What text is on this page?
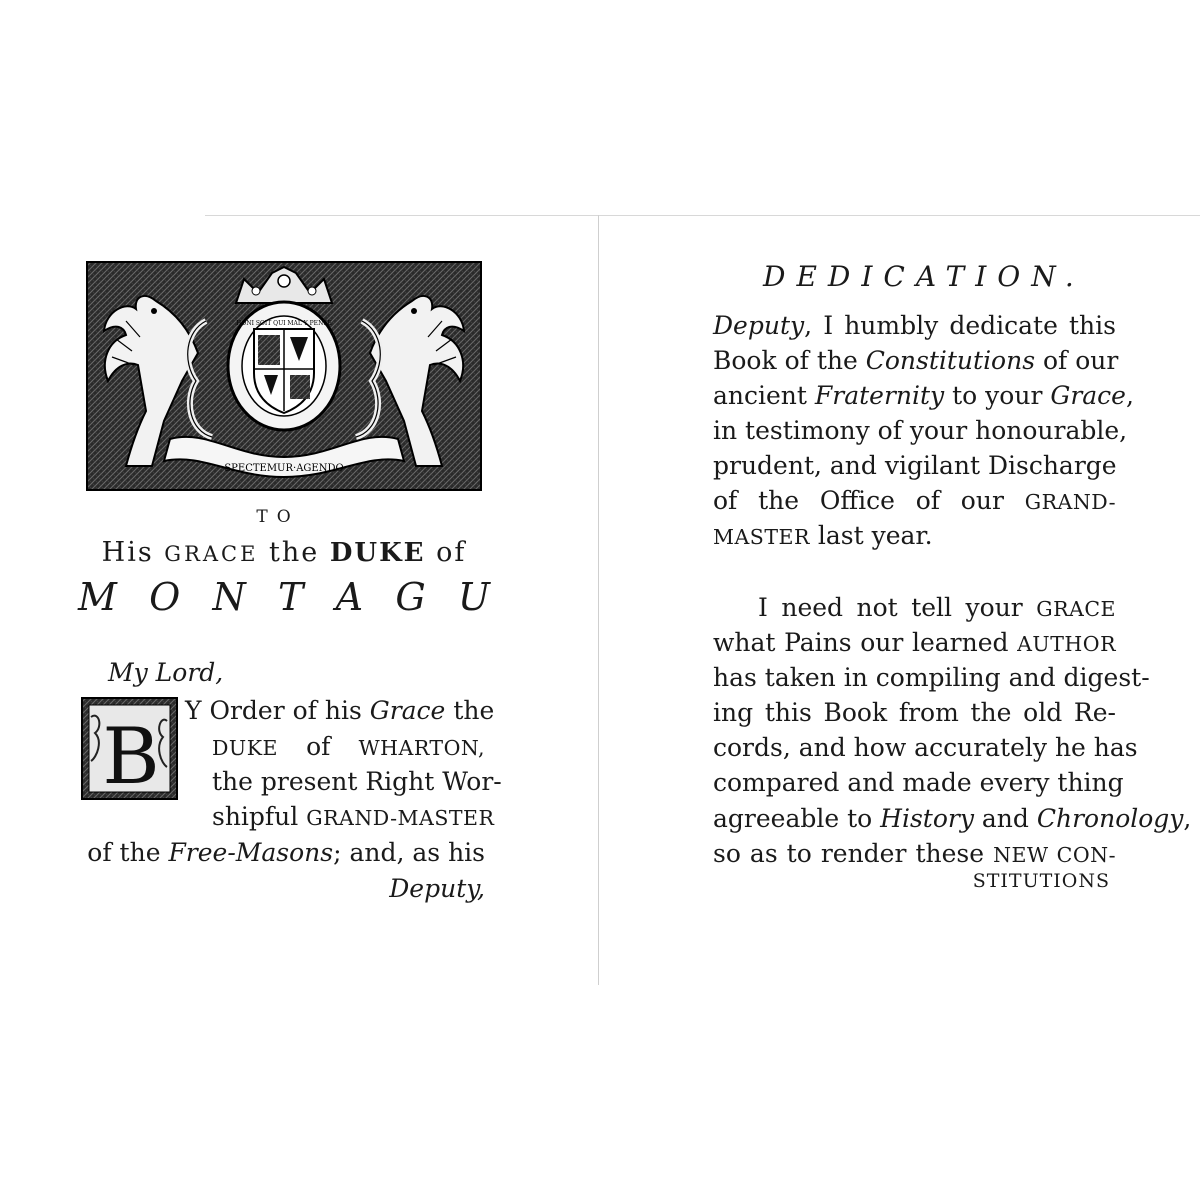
SPECTEMUR·AGENDO
HONI SOIT QUI MAL Y PENSE
TO
His GRACE the DUKE of
M O N T A G U
My Lord,
B
Y Order of his Grace the
DUKE of WHARTON,
the present Right Wor-
shipful GRAND-MASTER
of the Free-Masons; and, as his
Deputy,
DEDICATION.
Deputy, I humbly dedicate this
Book of the Constitutions of our
ancient Fraternity to your Grace,
in testimony of your honourable,
prudent, and vigilant Discharge
of the Office of our GRAND-
MASTER last year.
I need not tell your GRACE
what Pains our learned AUTHOR
has taken in compiling and digest-
ing this Book from the old Re-
cords, and how accurately he has
compared and made every thing
agreeable to History and Chronology,
so as to render these NEW CON-
STITUTIONS
